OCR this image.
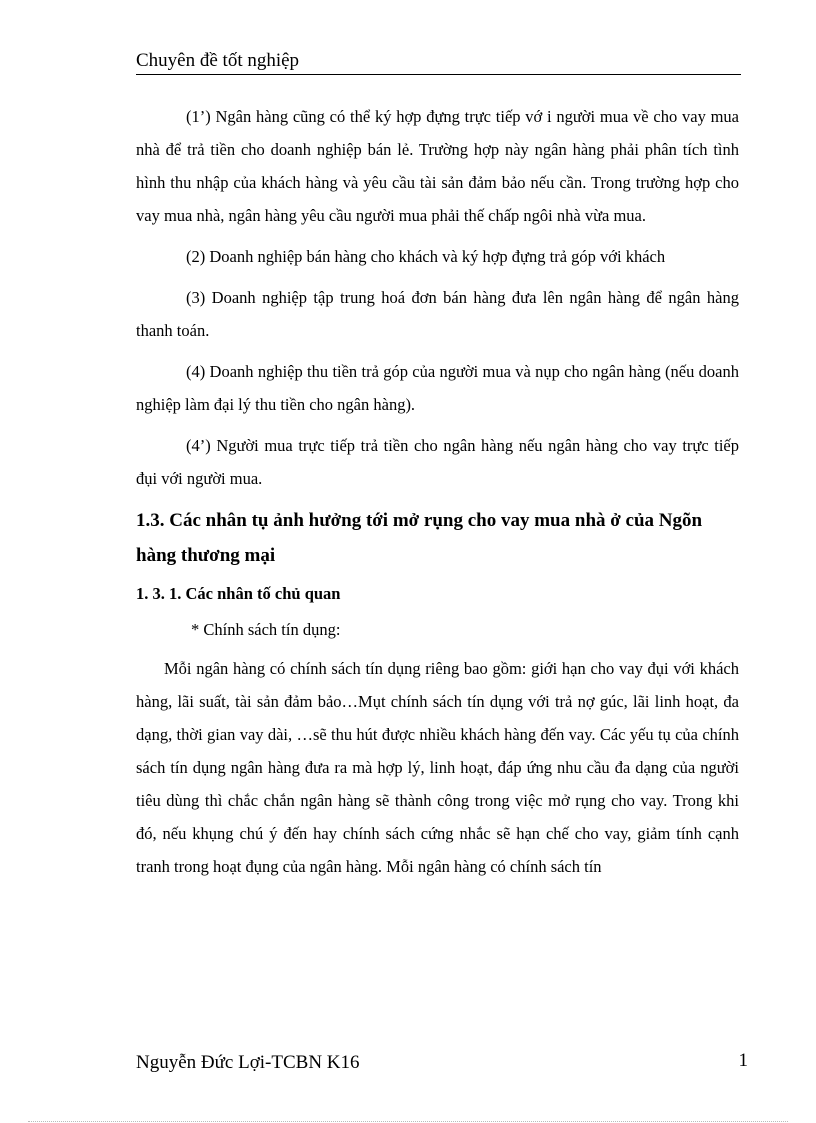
Chuyên đề tốt nghiệp

(1’) Ngân hàng cũng có thể ký hợp đựng trực tiếp vớ i người mua về cho vay mua nhà để trả tiền cho doanh nghiệp bán lẻ. Trường hợp này ngân hàng phải phân tích tình hình thu nhập của khách hàng và yêu cầu tài sản đảm bảo nếu cần. Trong trường hợp cho vay mua nhà, ngân hàng yêu cầu người mua phải thế chấp ngôi nhà vừa mua.

(2) Doanh nghiệp bán hàng cho khách và ký hợp đựng trả góp với khách

(3) Doanh nghiệp tập trung hoá đơn bán hàng đưa lên ngân hàng để ngân hàng thanh toán.

(4) Doanh nghiệp thu tiền trả góp của người mua và nụp cho ngân hàng (nếu doanh nghiệp làm đại lý thu tiền cho ngân hàng).

(4’) Người mua trực tiếp trả tiền cho ngân hàng nếu ngân hàng cho vay trực tiếp đụi với người mua.

1.3. Các nhân tụ ảnh hưởng tới mở rụng cho vay mua nhà ở của Ngõn hàng thương mại
1. 3. 1. Các nhân tố chủ quan

* Chính sách tín dụng:

Mỗi ngân hàng có chính sách tín dụng riêng bao gồm: giới hạn cho vay đụi với khách hàng, lãi suất, tài sản đảm bảo…Mụt chính sách tín dụng với trả nợ gúc, lãi linh hoạt, đa dạng, thời gian vay dài, …sẽ thu hút được nhiều khách hàng đến vay. Các yếu tụ của chính sách tín dụng ngân hàng đưa ra mà hợp lý, linh hoạt, đáp ứng nhu cầu đa dạng của người tiêu dùng thì chắc chắn ngân hàng sẽ thành công trong việc mở rụng cho vay. Trong khi đó, nếu khụng chú ý đến hay chính sách cứng nhắc sẽ hạn chế cho vay, giảm tính cạnh tranh trong hoạt đụng của ngân hàng. Mỗi ngân hàng có chính sách tín

Nguyễn Đức Lợi-TCBN K16	1
